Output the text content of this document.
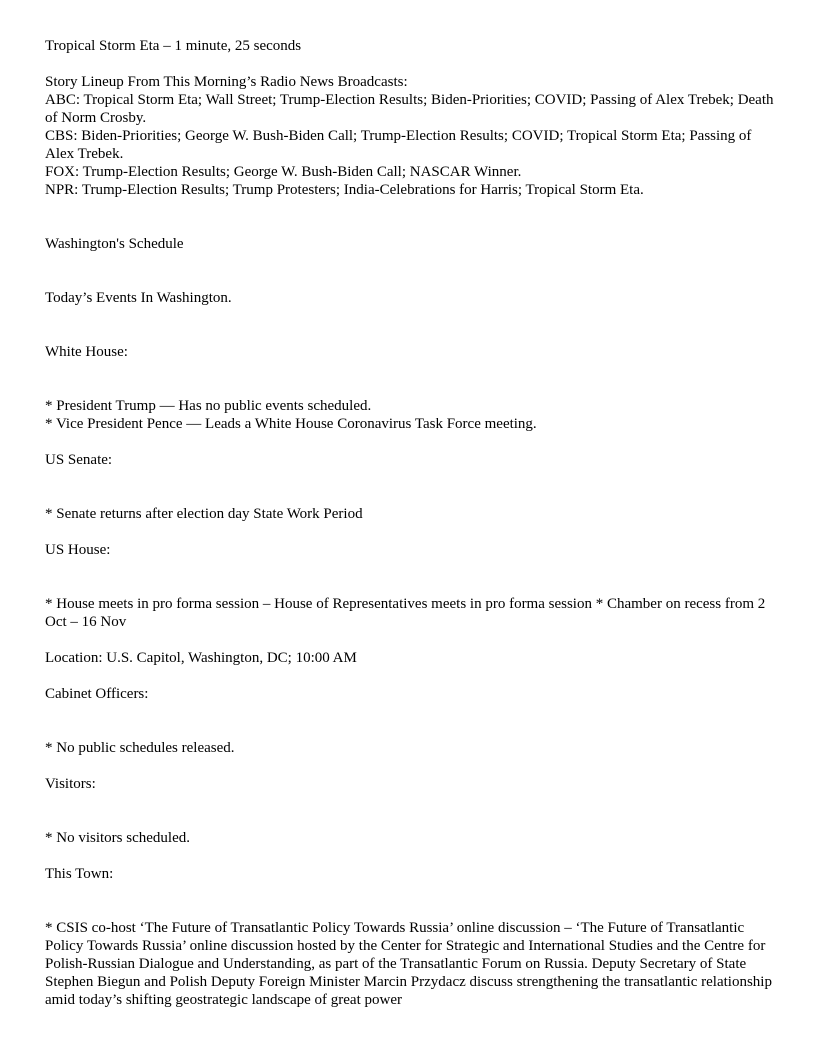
Tropical Storm Eta – 1 minute, 25 seconds
Story Lineup From This Morning’s Radio News Broadcasts:
ABC: Tropical Storm Eta; Wall Street; Trump-Election Results; Biden-Priorities; COVID; Passing of Alex Trebek; Death of Norm Crosby.
CBS: Biden-Priorities; George W. Bush-Biden Call; Trump-Election Results; COVID; Tropical Storm Eta; Passing of Alex Trebek.
FOX: Trump-Election Results; George W. Bush-Biden Call; NASCAR Winner.
NPR: Trump-Election Results; Trump Protesters; India-Celebrations for Harris; Tropical Storm Eta.
Washington's Schedule
Today’s Events In Washington.
White House:
* President Trump — Has no public events scheduled.
* Vice President Pence — Leads a White House Coronavirus Task Force meeting.
US Senate:
* Senate returns after election day State Work Period
US House:
* House meets in pro forma session – House of Representatives meets in pro forma session * Chamber on recess from 2 Oct – 16 Nov
Location: U.S. Capitol, Washington, DC; 10:00 AM
Cabinet Officers:
* No public schedules released.
Visitors:
* No visitors scheduled.
This Town:
* CSIS co-host ‘The Future of Transatlantic Policy Towards Russia’ online discussion – ‘The Future of Transatlantic Policy Towards Russia’ online discussion hosted by the Center for Strategic and International Studies and the Centre for Polish-Russian Dialogue and Understanding, as part of the Transatlantic Forum on Russia. Deputy Secretary of State Stephen Biegun and Polish Deputy Foreign Minister Marcin Przydacz discuss strengthening the transatlantic relationship amid today’s shifting geostrategic landscape of great power
